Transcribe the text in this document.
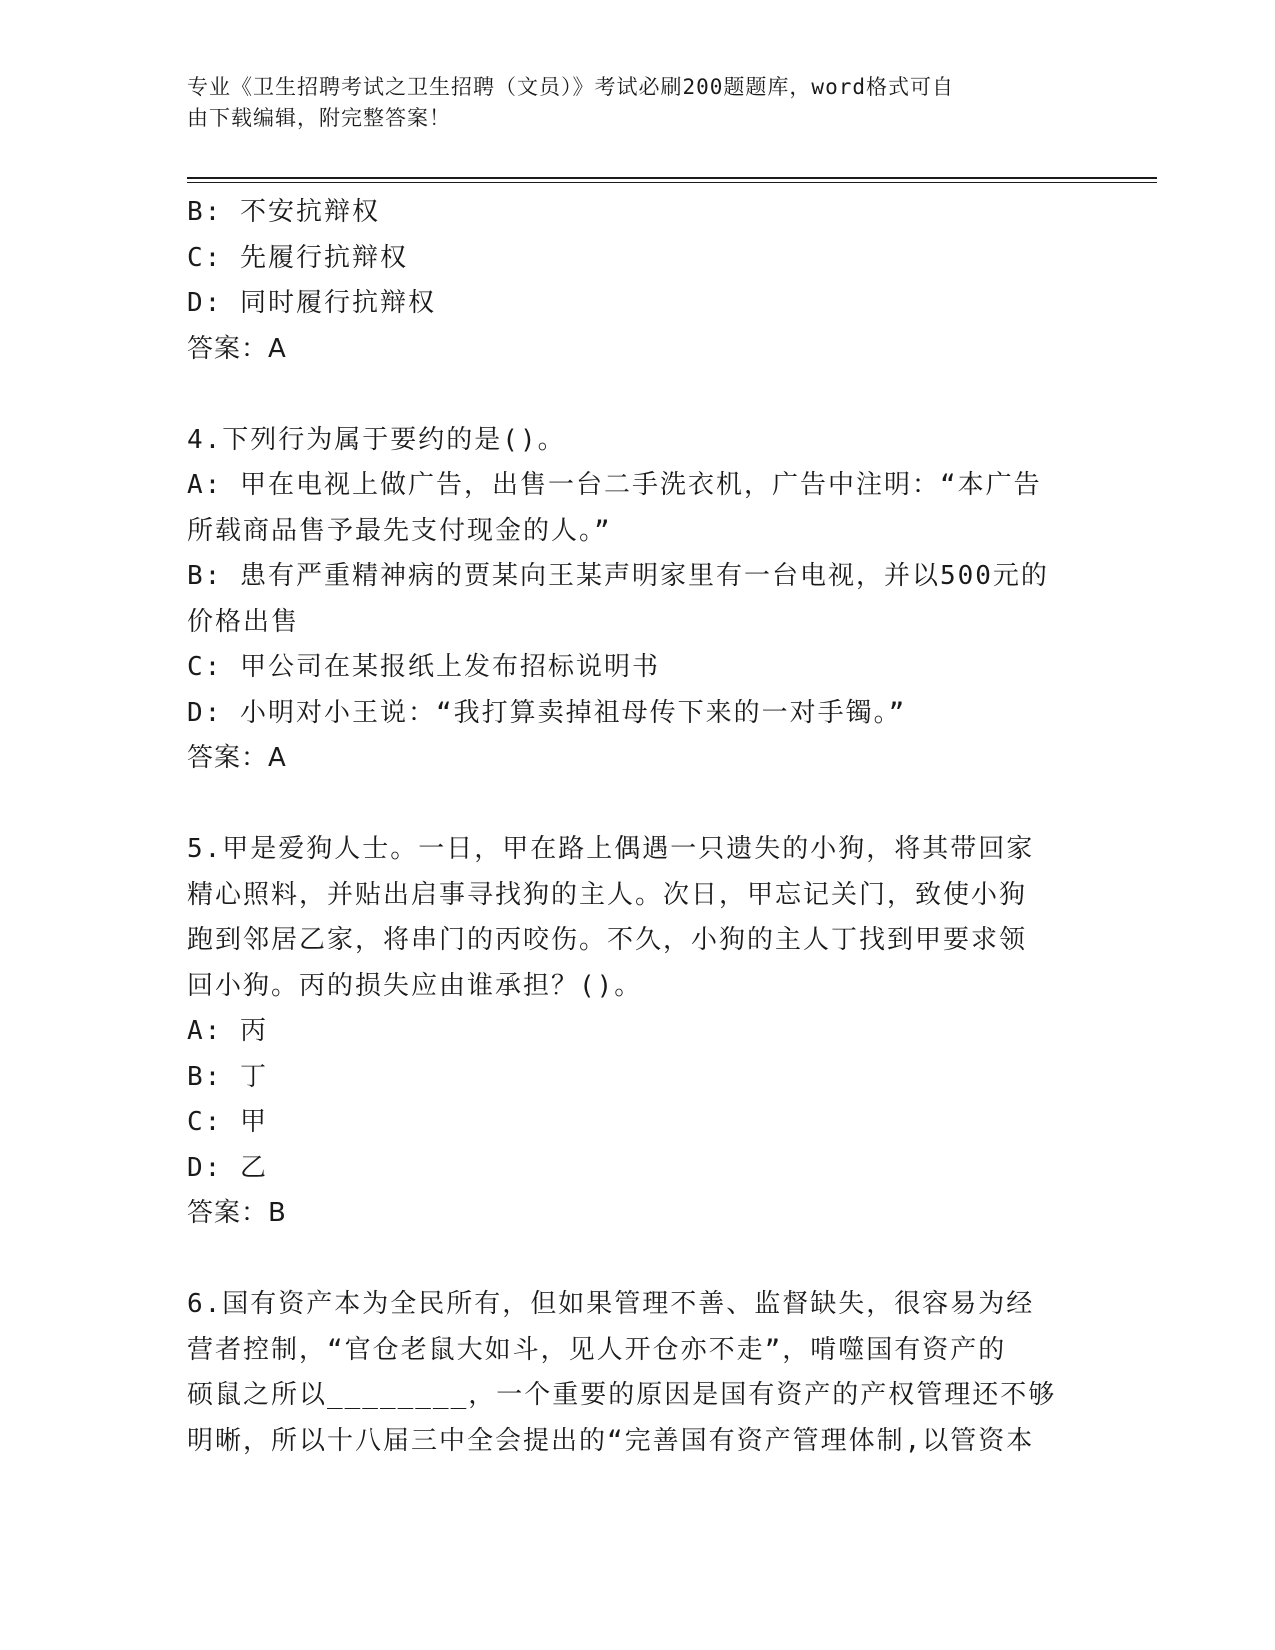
专业《卫生招聘考试之卫生招聘（文员）》考试必刷200题题库，word格式可自
由下载编辑，附完整答案！
B: 不安抗辩权
C: 先履行抗辩权
D: 同时履行抗辩权
答案：A
4.下列行为属于要约的是()。
A: 甲在电视上做广告，出售一台二手洗衣机，广告中注明：“本广告
所载商品售予最先支付现金的人。”
B: 患有严重精神病的贾某向王某声明家里有一台电视，并以500元的
价格出售
C: 甲公司在某报纸上发布招标说明书
D: 小明对小王说：“我打算卖掉祖母传下来的一对手镯。”
答案：A
5.甲是爱狗人士。一日，甲在路上偶遇一只遗失的小狗，将其带回家
精心照料，并贴出启事寻找狗的主人。次日，甲忘记关门，致使小狗
跑到邻居乙家，将串门的丙咬伤。不久，小狗的主人丁找到甲要求领
回小狗。丙的损失应由谁承担？()。
A: 丙
B: 丁
C: 甲
D: 乙
答案：B
6.国有资产本为全民所有，但如果管理不善、监督缺失，很容易为经
营者控制，“官仓老鼠大如斗，见人开仓亦不走”，啃噬国有资产的
硕鼠之所以________，一个重要的原因是国有资产的产权管理还不够
明晰，所以十八届三中全会提出的“完善国有资产管理体制,以管资本
